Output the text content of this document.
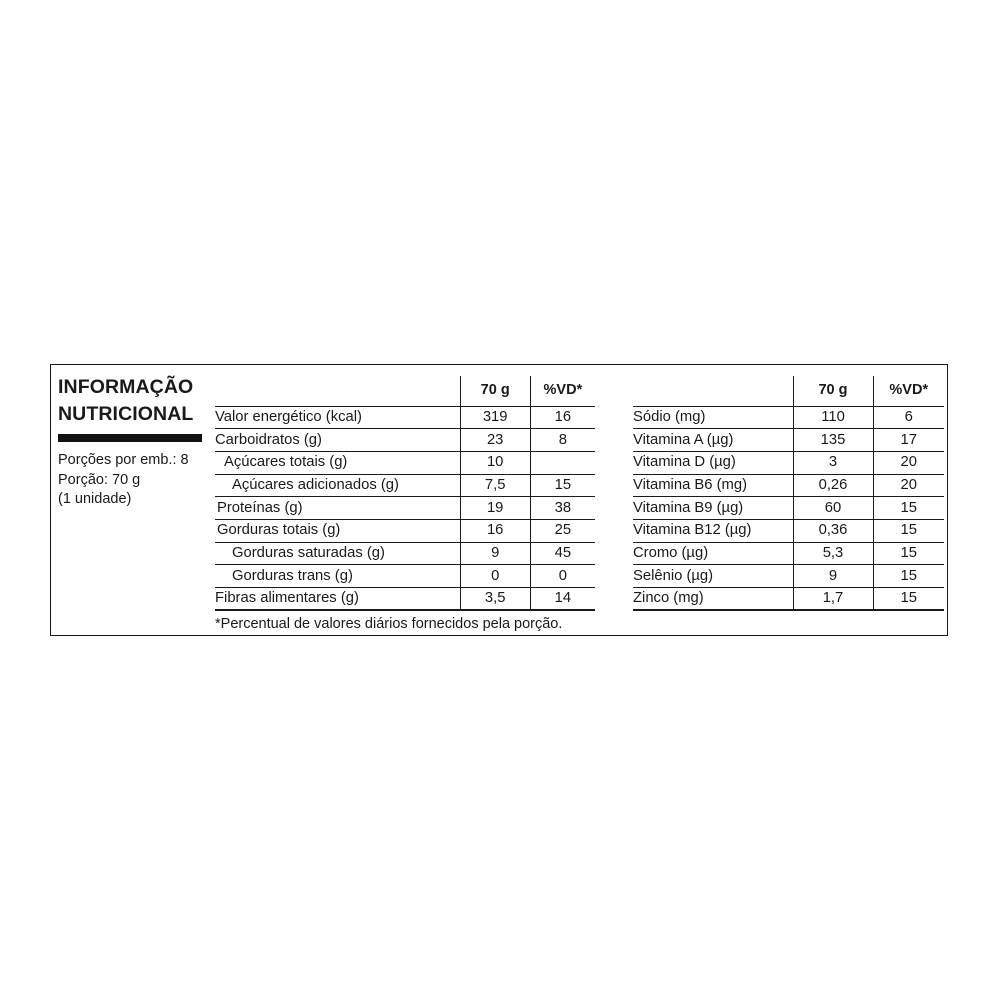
INFORMAÇÃO
NUTRICIONAL
Porções por emb.: 8
Porção: 70 g
(1 unidade)
	70 g	%VD*
Valor energético (kcal)	319	16
Carboidratos (g)	23	8
Açúcares totais (g)	10	
Açúcares adicionados (g)	7,5	15
Proteínas (g)	19	38
Gorduras totais (g)	16	25
Gorduras saturadas (g)	9	45
Gorduras trans (g)	0	0
Fibras alimentares (g)	3,5	14
	70 g	%VD*
Sódio (mg)	110	6
Vitamina A (µg)	135	17
Vitamina D (µg)	3	20
Vitamina B6 (mg)	0,26	20
Vitamina B9 (µg)	60	15
Vitamina B12 (µg)	0,36	15
Cromo (µg)	5,3	15
Selênio (µg)	9	15
Zinco (mg)	1,7	15
*Percentual de valores diários fornecidos pela porção.
